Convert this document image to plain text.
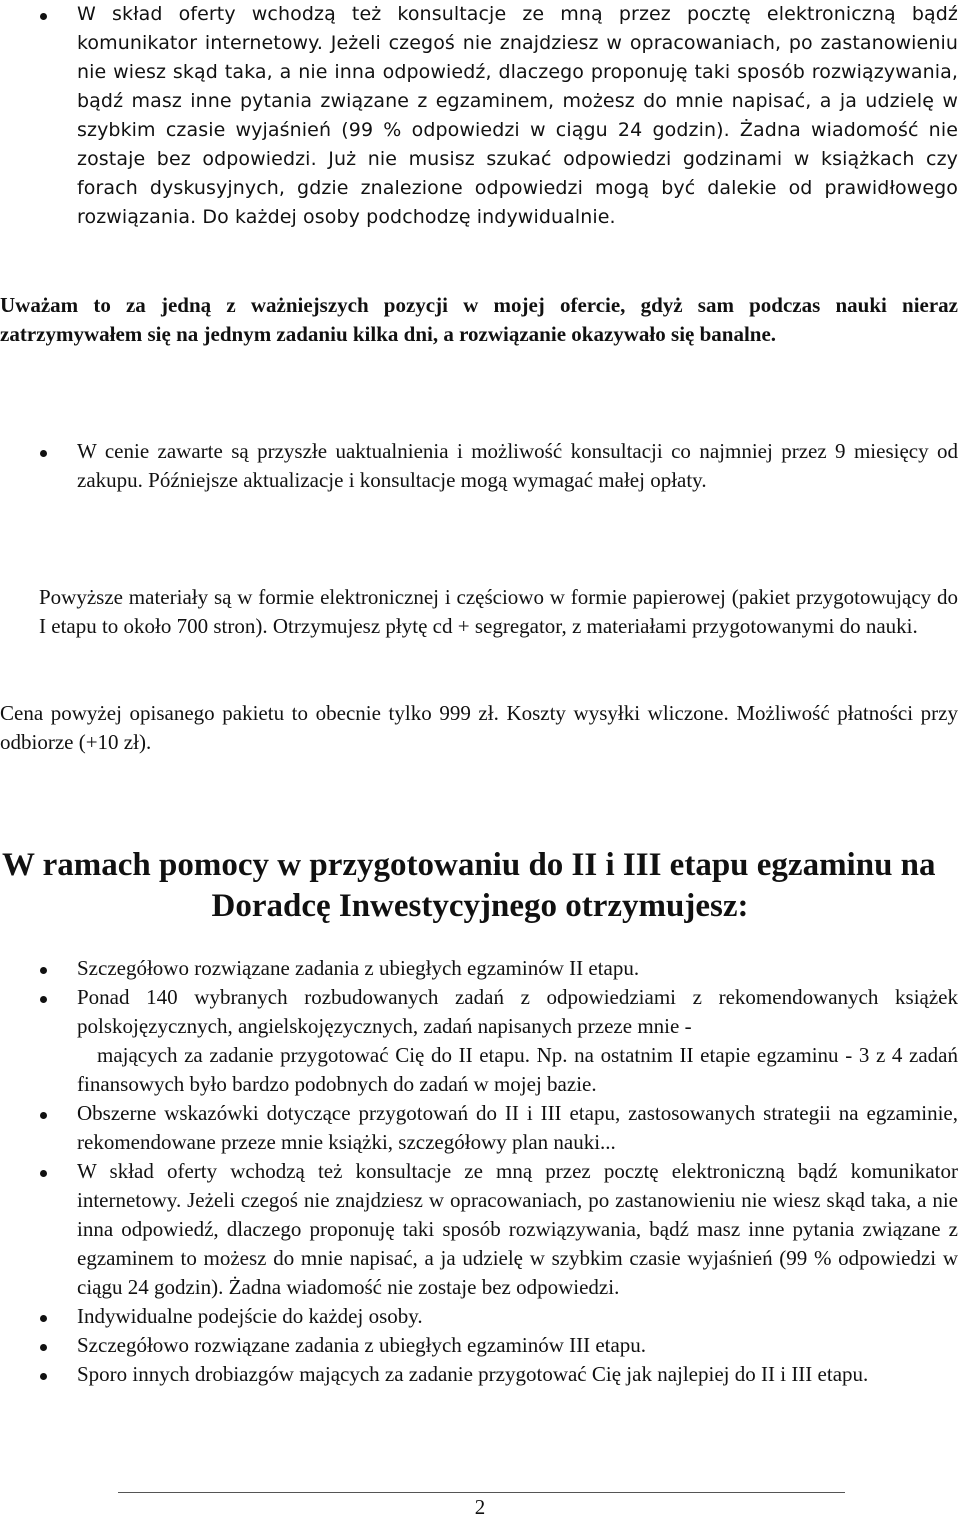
W skład oferty wchodzą też konsultacje ze mną przez pocztę elektroniczną bądź komunikator internetowy. Jeżeli czegoś nie znajdziesz w opracowaniach, po zastanowieniu nie wiesz skąd taka, a nie inna odpowiedź, dlaczego proponuję taki sposób rozwiązywania, bądź masz inne pytania związane z egzaminem, możesz do mnie napisać, a ja udzielę w szybkim czasie wyjaśnień (99 % odpowiedzi w ciągu 24 godzin). Żadna wiadomość nie zostaje bez odpowiedzi. Już nie musisz szukać odpowiedzi godzinami w książkach czy forach dyskusyjnych, gdzie znalezione odpowiedzi mogą być dalekie od prawidłowego rozwiązania. Do każdej osoby podchodzę indywidualnie.

Uważam to za jedną z ważniejszych pozycji w mojej ofercie, gdyż sam podczas nauki nieraz zatrzymywałem się na jednym zadaniu kilka dni, a rozwiązanie okazywało się banalne.

W cenie zawarte są przyszłe uaktualnienia i możliwość konsultacji co najmniej przez 9 miesięcy od zakupu. Późniejsze aktualizacje i konsultacje mogą wymagać małej opłaty.

Powyższe materiały są w formie elektronicznej i częściowo w formie papierowej (pakiet przygotowujący do I etapu to około 700 stron). Otrzymujesz płytę cd + segregator, z materiałami przygotowanymi do nauki.

Cena powyżej opisanego pakietu to obecnie tylko 999 zł. Koszty wysyłki wliczone. Możliwość płatności przy odbiorze (+10 zł).

W ramach pomocy w przygotowaniu do II i III etapu egzaminu na
Doradcę Inwestycyjnego otrzymujesz:
Szczegółowo rozwiązane zadania z ubiegłych egzaminów II etapu.
Ponad 140 wybranych rozbudowanych zadań z odpowiedziami z rekomendowanych książek polskojęzycznych, angielskojęzycznych, zadań napisanych przeze mnie -
mających za zadanie przygotować Cię do II etapu. Np. na ostatnim II etapie egzaminu - 3 z 4 zadań finansowych było bardzo podobnych do zadań w mojej bazie.
Obszerne wskazówki dotyczące przygotowań do II i III etapu, zastosowanych strategii na egzaminie, rekomendowane przeze mnie książki, szczegółowy plan nauki...
W skład oferty wchodzą też konsultacje ze mną przez pocztę elektroniczną bądź komunikator internetowy. Jeżeli czegoś nie znajdziesz w opracowaniach, po zastanowieniu nie wiesz skąd taka, a nie inna odpowiedź, dlaczego proponuję taki sposób rozwiązywania, bądź masz inne pytania związane z egzaminem to możesz do mnie napisać, a ja udzielę w szybkim czasie wyjaśnień (99 % odpowiedzi w ciągu 24 godzin). Żadna wiadomość nie zostaje bez odpowiedzi.
Indywidualne podejście do każdej osoby.
Szczegółowo rozwiązane zadania z ubiegłych egzaminów III etapu.
Sporo innych drobiazgów mających za zadanie przygotować Cię jak najlepiej do II i III etapu.
2
